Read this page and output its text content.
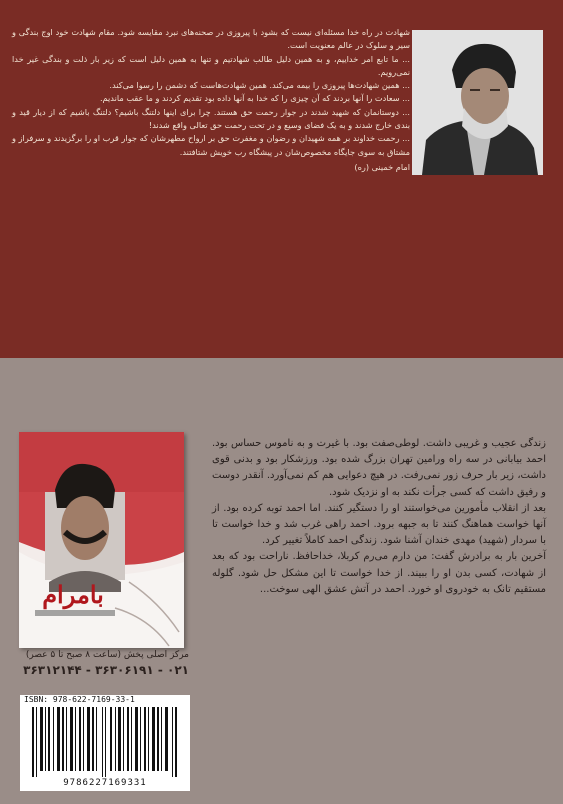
شهادت در راه خدا مسئله‌ای نیست که بشود با پیروزی در صحنه‌های نبرد مقایسه شود. مقام شهادت خود اوج بندگی و سیر و سلوک در عالم معنویت است.

... ما تابع امر خداییم، و به همین دلیل طالب شهادتیم و تنها به همین دلیل است که زیر بار ذلت و بندگی غیر خدا نمی‌رویم.

... همین شهادت‌ها پیروزی را بیمه می‌کند. همین شهادت‌هاست که دشمن را رسوا می‌کند.

... سعادت را آنها بردند که آن چیزی را که خدا به آنها داده بود تقدیم کردند و ما عقب ماندیم.

... دوستانمان که شهید شدند در جوار رحمت حق هستند. چرا برای اینها دلتنگ باشیم؟ دلتنگ باشیم که از دیار قید و بندی خارج شدند و به یک فضای وسیع و در تحت رحمت حق تعالی واقع شدند!

... رحمت خداوند بر همه شهیدان و رضوان و مغفرت حق بر ارواح مطهرشان که جوار قرب او را برگزیدند و سرفراز و مشتاق به سوی جایگاه مخصوص‌شان در پیشگاه رب خویش شتافتند.

امام خمینی (ره)

زندگی عجیب و غریبی داشت. لوطی‌صفت بود. با غیرت و به ناموس حساس بود. احمد بیابانی در سه راه ورامین تهران بزرگ شده بود. ورزشکار بود و بدنی قوی داشت، زیر بار حرف زور نمی‌رفت. در هیچ دعوایی هم کم نمی‌آورد. آنقدر دوست و رفیق داشت که کسی جرأت نکند به او نزدیک شود.

بعد از انقلاب مأمورین می‌خواستند او را دستگیر کنند. اما احمد توبه کرده بود. از آنها خواست هماهنگ کنند تا به جبهه برود. احمد راهی غرب شد و خدا خواست تا با سردار (شهید) مهدی خندان آشنا شود. زندگی احمد کاملاً تغییر کرد.

آخرین بار به برادرش گفت: من دارم می‌رم کربلا، خداحافظ. ناراحت بود که بعد از شهادت، کسی بدن او را ببیند. از خدا خواست تا این مشکل حل شود. گلوله مستقیم تانک به خودروی او خورد. احمد در آتش عشق الهی سوخت...

بامرام
مرکز اصلی پخش (ساعت ۸ صبح تا ۵ عصر)
۰۲۱ - ۳۶۳۰۶۱۹۱ - ۳۶۳۱۲۱۴۴
ISBN: 978-622-7169-33-1
9786227169331
